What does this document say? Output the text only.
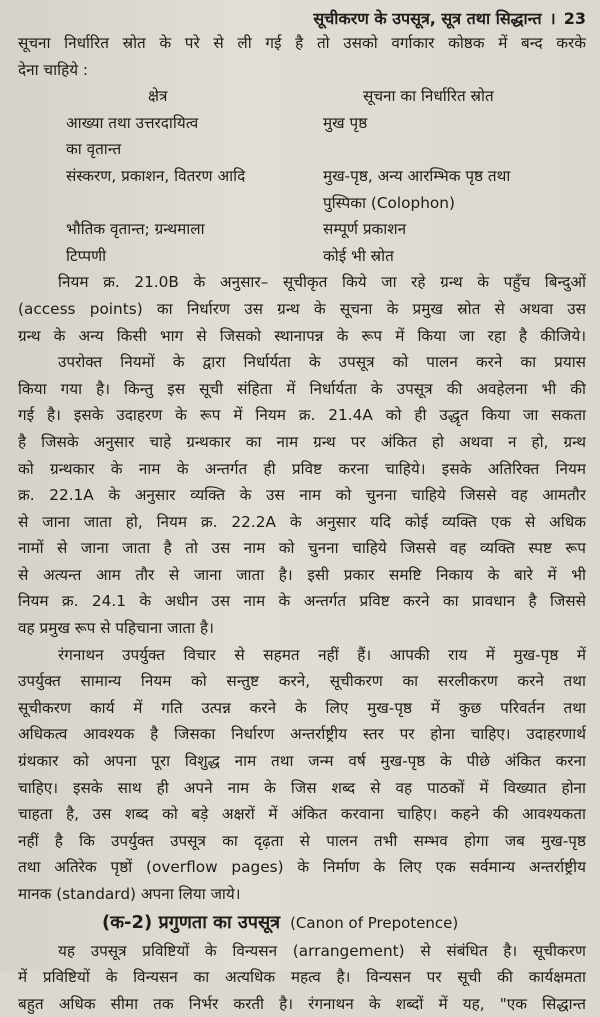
सूचीकरण के उपसूत्र, सूत्र तथा सिद्धान्त । 23
सूचना निर्धारित स्रोत के परे से ली गई है तो उसको वर्गाकार कोष्ठक में बन्द करके
देना चाहिये :
क्षेत्र	सूचना का निर्धारित स्रोत
आख्या तथा उत्तरदायित्व	मुख पृष्ठ
का वृतान्त
संस्करण, प्रकाशन, वितरण आदि	मुख-पृष्ठ, अन्य आरम्भिक पृष्ठ तथा
पुस्पिका (Colophon)
भौतिक वृतान्त; ग्रन्थमाला	सम्पूर्ण प्रकाशन
टिप्पणी	कोई भी स्रोत
नियम क्र. 21.0B के अनुसार– सूचीकृत किये जा रहे ग्रन्थ के पहुँच बिन्दुओं
(access points) का निर्धारण उस ग्रन्थ के सूचना के प्रमुख स्रोत से अथवा उस
ग्रन्थ के अन्य किसी भाग से जिसको स्थानापन्न के रूप में किया जा रहा है कीजिये।
उपरोक्त नियमों के द्वारा निर्धार्यता के उपसूत्र को पालन करने का प्रयास
किया गया है। किन्तु इस सूची संहिता में निर्धार्यता के उपसूत्र की अवहेलना भी की
गई है। इसके उदाहरण के रूप में नियम क्र. 21.4A को ही उद्धृत किया जा सकता
है जिसके अनुसार चाहे ग्रन्थकार का नाम ग्रन्थ पर अंकित हो अथवा न हो, ग्रन्थ
को ग्रन्थकार के नाम के अन्तर्गत ही प्रविष्ट करना चाहिये। इसके अतिरिक्त नियम
क्र. 22.1A के अनुसार व्यक्ति के उस नाम को चुनना चाहिये जिससे वह आमतौर
से जाना जाता हो, नियम क्र. 22.2A के अनुसार यदि कोई व्यक्ति एक से अधिक
नामों से जाना जाता है तो उस नाम को चुनना चाहिये जिससे वह व्यक्ति स्पष्ट रूप
से अत्यन्त आम तौर से जाना जाता है। इसी प्रकार समष्टि निकाय के बारे में भी
नियम क्र. 24.1 के अधीन उस नाम के अन्तर्गत प्रविष्ट करने का प्रावधान है जिससे
वह प्रमुख रूप से पहिचाना जाता है।
रंगनाथन उपर्युक्त विचार से सहमत नहीं हैं। आपकी राय में मुख-पृष्ठ में
उपर्युक्त सामान्य नियम को सन्तुष्ट करने, सूचीकरण का सरलीकरण करने तथा
सूचीकरण कार्य में गति उत्पन्न करने के लिए मुख-पृष्ठ में कुछ परिवर्तन तथा
अधिकत्व आवश्यक है जिसका निर्धारण अन्तर्राष्ट्रीय स्तर पर होना चाहिए। उदाहरणार्थ
ग्रंथकार को अपना पूरा विशुद्ध नाम तथा जन्म वर्ष मुख-पृष्ठ के पीछे अंकित करना
चाहिए। इसके साथ ही अपने नाम के जिस शब्द से वह पाठकों में विख्यात होना
चाहता है, उस शब्द को बड़े अक्षरों में अंकित करवाना चाहिए। कहने की आवश्यकता
नहीं है कि उपर्युक्त उपसूत्र का दृढ़ता से पालन तभी सम्भव होगा जब मुख-पृष्ठ
तथा अतिरेक पृष्ठों (overflow pages) के निर्माण के लिए एक सर्वमान्य अन्तर्राष्ट्रीय
मानक (standard) अपना लिया जाये।
(क-2) प्रगुणता का उपसूत्र (Canon of Prepotence)
यह उपसूत्र प्रविष्टियों के विन्यसन (arrangement) से संबंधित है। सूचीकरण
में प्रविष्टियों के विन्यसन का अत्यधिक महत्व है। विन्यसन पर सूची की कार्यक्षमता
बहुत अधिक सीमा तक निर्भर करती है। रंगनाथन के शब्दों में यह, "एक सिद्धान्त
